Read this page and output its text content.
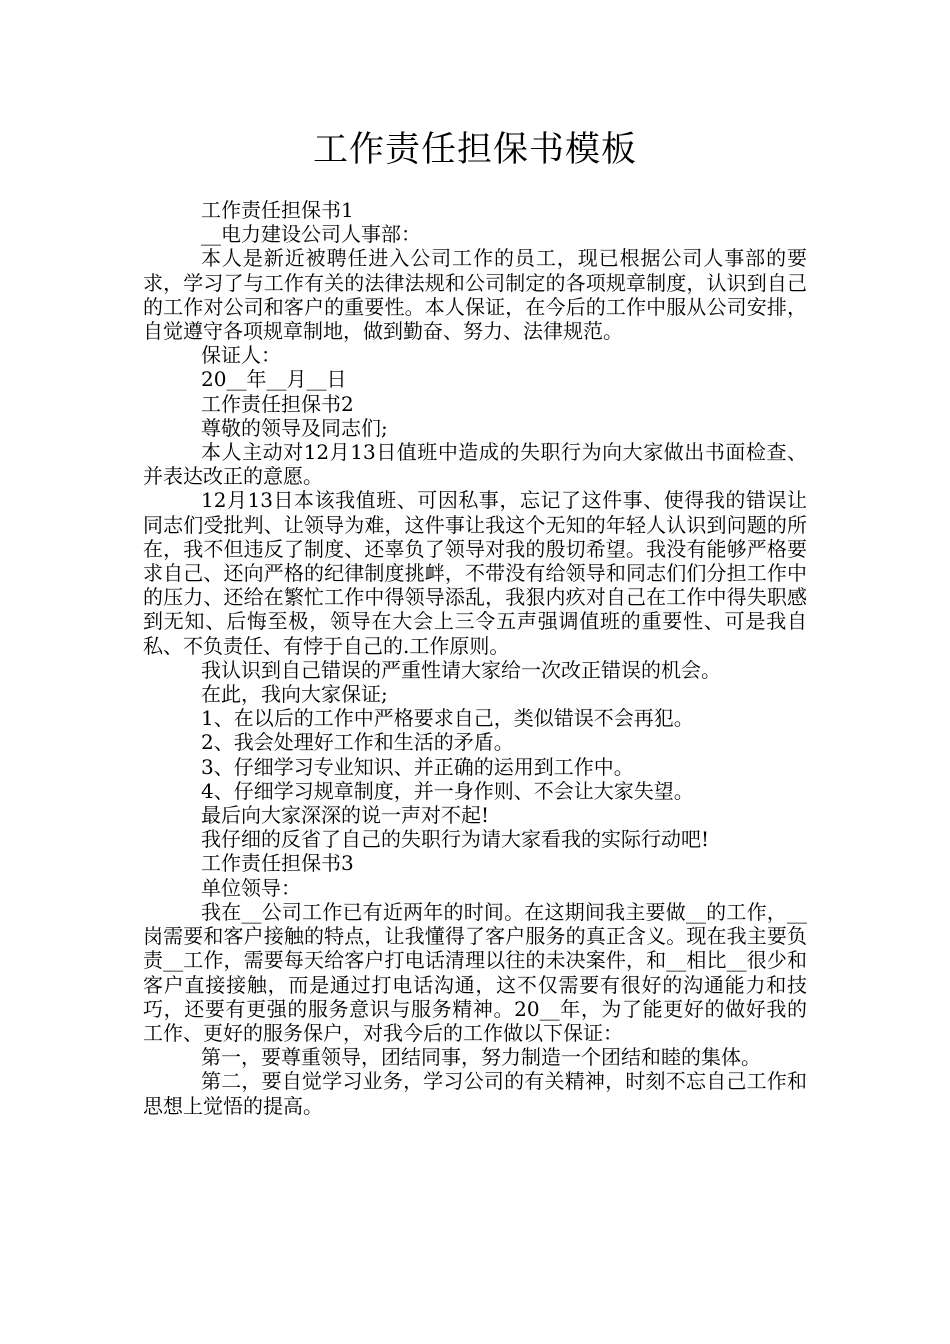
工作责任担保书模板

工作责任担保书1

__电力建设公司人事部：

本人是新近被聘任进入公司工作的员工，现已根据公司人事部的要求，学习了与工作有关的法律法规和公司制定的各项规章制度，认识到自己的工作对公司和客户的重要性。本人保证，在今后的工作中服从公司安排，自觉遵守各项规章制地，做到勤奋、努力、法律规范。

保证人：

20__年__月__日

工作责任担保书2

尊敬的领导及同志们;

本人主动对12月13日值班中造成的失职行为向大家做出书面检查、并表达改正的意愿。

12月13日本该我值班、可因私事，忘记了这件事、使得我的错误让同志们受批判、让领导为难，这件事让我这个无知的年轻人认识到问题的所在，我不但违反了制度、还辜负了领导对我的殷切希望。我没有能够严格要求自己、还向严格的纪律制度挑衅，不带没有给领导和同志们们分担工作中的压力、还给在繁忙工作中得领导添乱，我狠内疚对自己在工作中得失职感到无知、后悔至极，领导在大会上三令五声强调值班的重要性、可是我自私、不负责任、有悖于自己的.工作原则。

我认识到自己错误的严重性请大家给一次改正错误的机会。

在此，我向大家保证;

1、在以后的工作中严格要求自己，类似错误不会再犯。

2、我会处理好工作和生活的矛盾。

3、仔细学习专业知识、并正确的运用到工作中。

4、仔细学习规章制度，并一身作则、不会让大家失望。

最后向大家深深的说一声对不起!

我仔细的反省了自己的失职行为请大家看我的实际行动吧!

工作责任担保书3

单位领导：

我在__公司工作已有近两年的时间。在这期间我主要做__的工作，__岗需要和客户接触的特点，让我懂得了客户服务的真正含义。现在我主要负责__工作，需要每天给客户打电话清理以往的未决案件，和__相比__很少和客户直接接触，而是通过打电话沟通，这不仅需要有很好的沟通能力和技巧，还要有更强的服务意识与服务精神。20__年，为了能更好的做好我的工作、更好的服务保户，对我今后的工作做以下保证：

第一，要尊重领导，团结同事，努力制造一个团结和睦的集体。

第二，要自觉学习业务，学习公司的有关精神，时刻不忘自己工作和思想上觉悟的提高。
